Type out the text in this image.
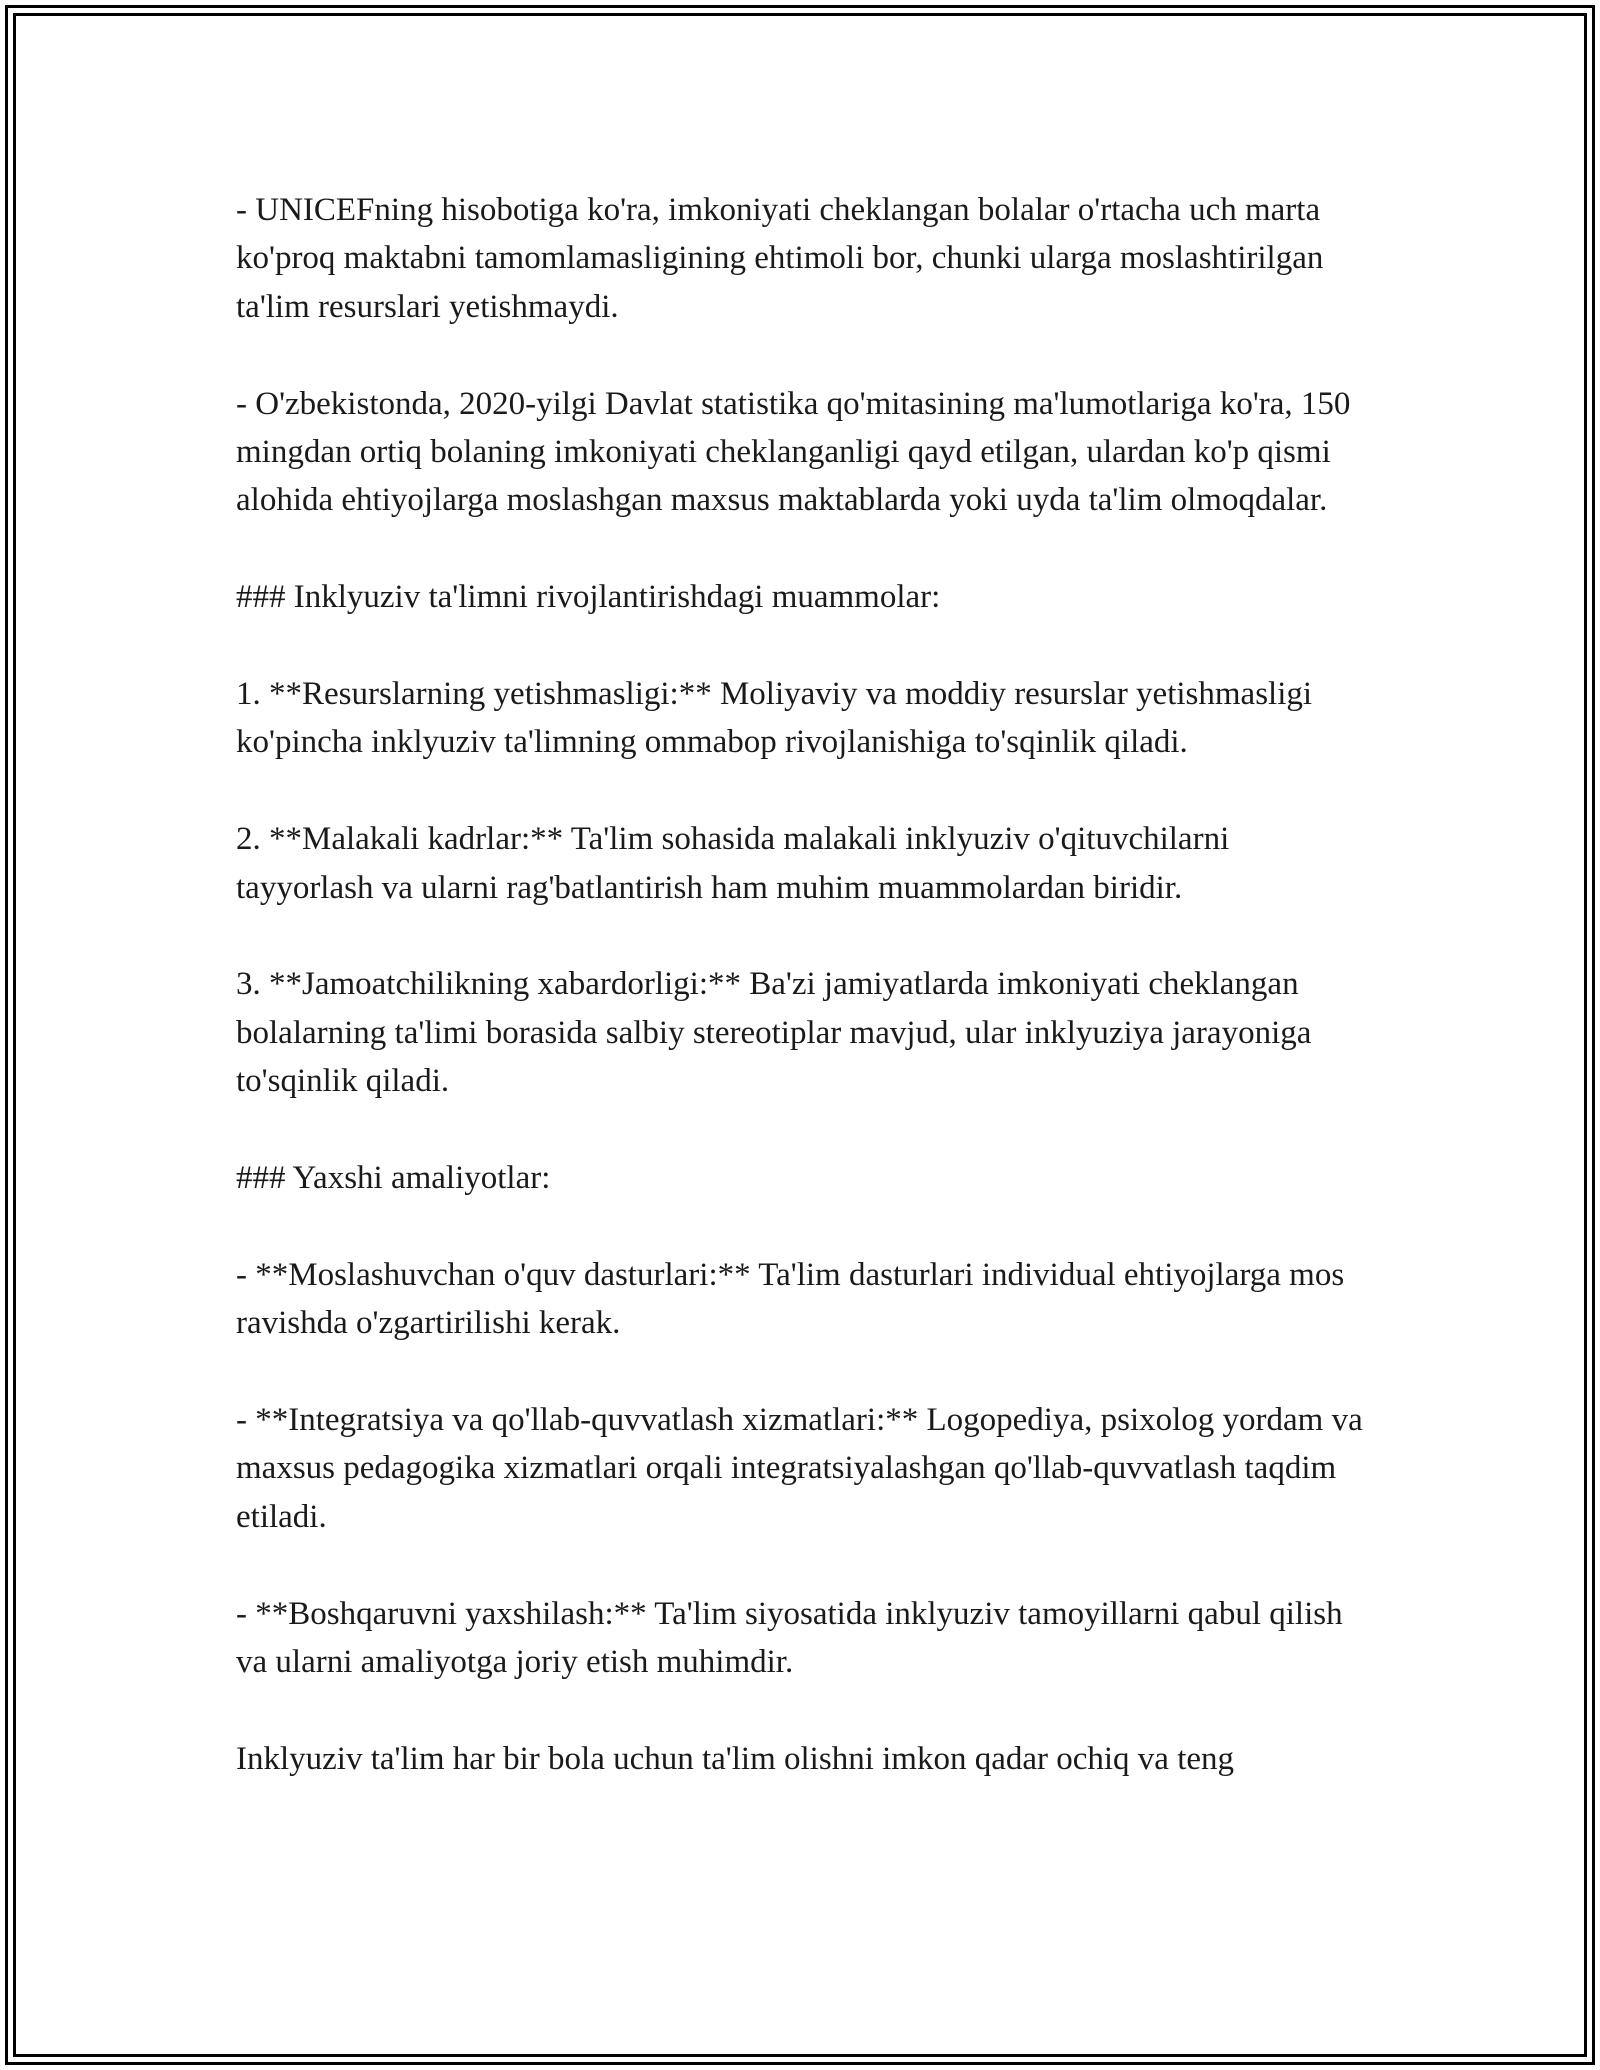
- UNICEFning hisobotiga ko'ra, imkoniyati cheklangan bolalar o'rtacha uch marta ko'proq maktabni tamomlamasligining ehtimoli bor, chunki ularga moslashtirilgan ta'lim resurslari yetishmaydi.

- O'zbekistonda, 2020-yilgi Davlat statistika qo'mitasining ma'lumotlariga ko'ra, 150 mingdan ortiq bolaning imkoniyati cheklanganligi qayd etilgan, ulardan ko'p qismi alohida ehtiyojlarga moslashgan maxsus maktablarda yoki uyda ta'lim olmoqdalar.

### Inklyuziv ta'limni rivojlantirishdagi muammolar:

1. **Resurslarning yetishmasligi:** Moliyaviy va moddiy resurslar yetishmasligi ko'pincha inklyuziv ta'limning ommabop rivojlanishiga to'sqinlik qiladi.

2. **Malakali kadrlar:** Ta'lim sohasida malakali inklyuziv o'qituvchilarni tayyorlash va ularni rag'batlantirish ham muhim muammolardan biridir.

3. **Jamoatchilikning xabardorligi:** Ba'zi jamiyatlarda imkoniyati cheklangan bolalarning ta'limi borasida salbiy stereotiplar mavjud, ular inklyuziya jarayoniga to'sqinlik qiladi.

### Yaxshi amaliyotlar:

- **Moslashuvchan o'quv dasturlari:** Ta'lim dasturlari individual ehtiyojlarga mos ravishda o'zgartirilishi kerak.

- **Integratsiya va qo'llab-quvvatlash xizmatlari:** Logopediya, psixolog yordam va maxsus pedagogika xizmatlari orqali integratsiyalashgan qo'llab-quvvatlash taqdim etiladi.

- **Boshqaruvni yaxshilash:** Ta'lim siyosatida inklyuziv tamoyillarni qabul qilish va ularni amaliyotga joriy etish muhimdir.

Inklyuziv ta'lim har bir bola uchun ta'lim olishni imkon qadar ochiq va teng
